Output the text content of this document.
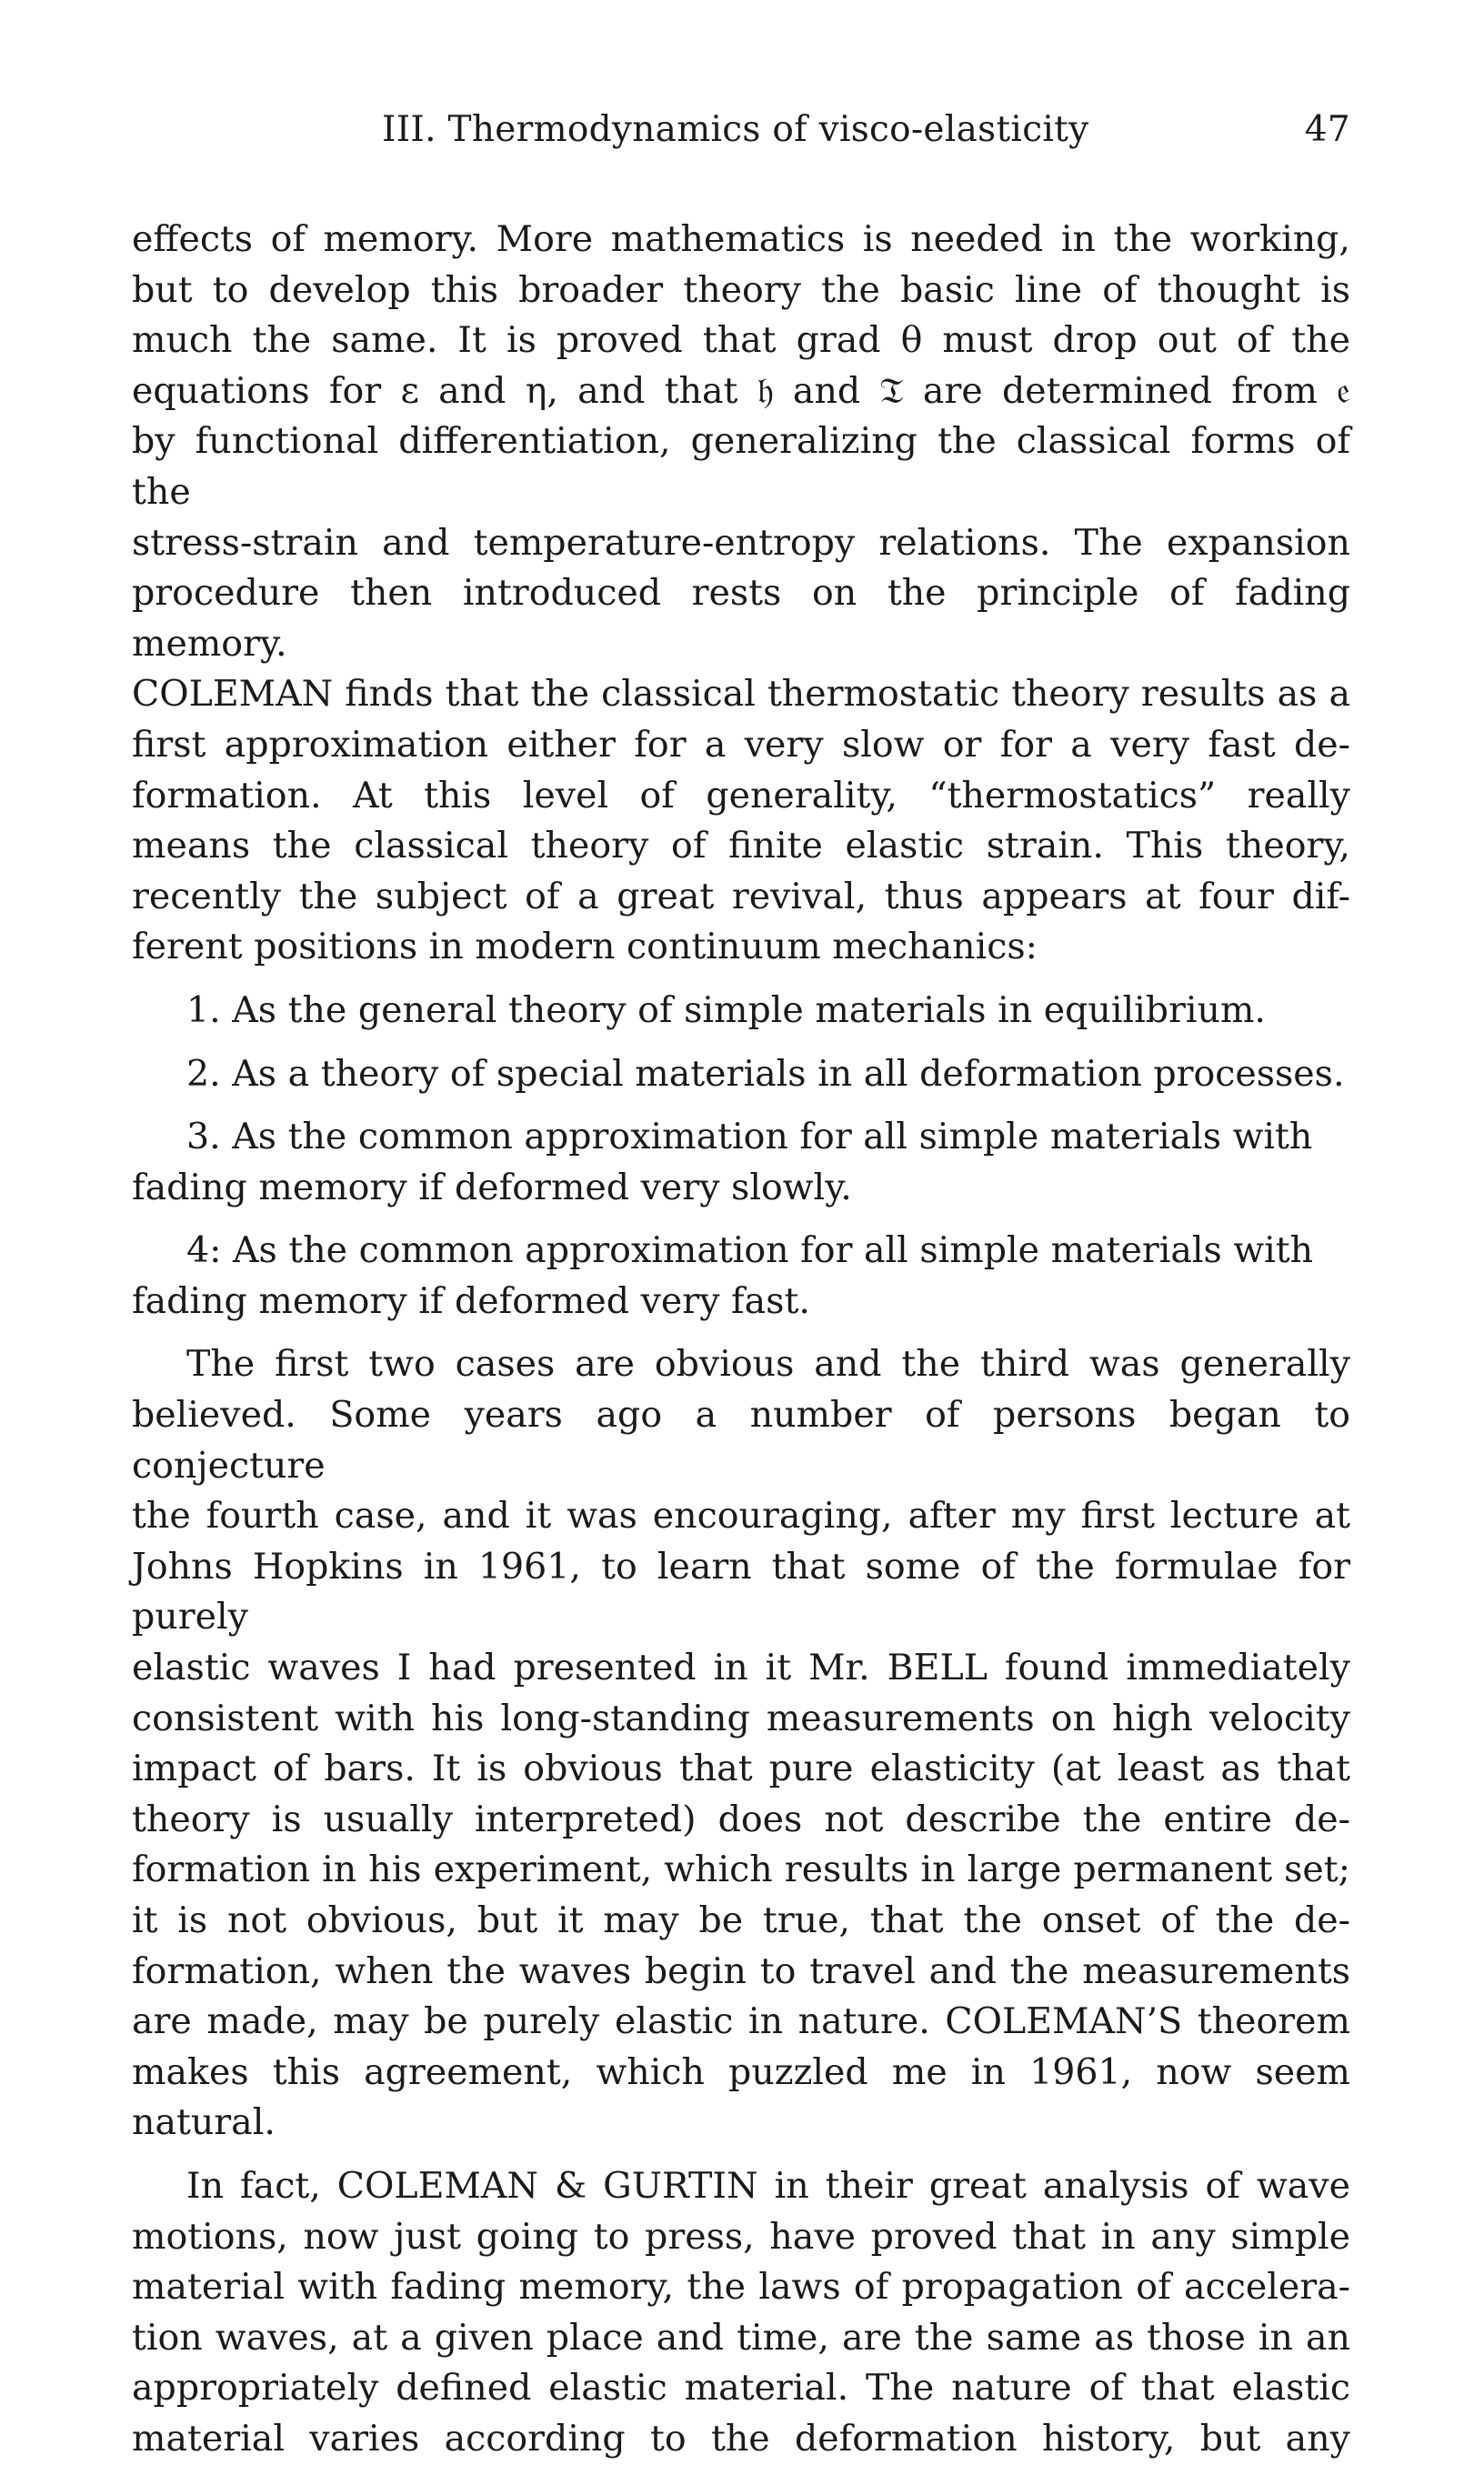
III. Thermodynamics of visco-elasticity	47

effects of memory. More mathematics is needed in the working,

but to develop this broader theory the basic line of thought is

much the same. It is proved that grad θ must drop out of the

equations for ε and η, and that 𝔥 and 𝔗 are determined from 𝔢

by functional differentiation, generalizing the classical forms of the

stress-strain and temperature-entropy relations. The expansion

procedure then introduced rests on the principle of fading memory.

COLEMAN finds that the classical thermostatic theory results as a

first approximation either for a very slow or for a very fast de-

formation. At this level of generality, “thermostatics” really

means the classical theory of finite elastic strain. This theory,

recently the subject of a great revival, thus appears at four dif-

ferent positions in modern continuum mechanics:

1. As the general theory of simple materials in equilibrium.

2. As a theory of special materials in all deformation processes.

3. As the common approximation for all simple materials with

fading memory if deformed very slowly.

4: As the common approximation for all simple materials with

fading memory if deformed very fast.

The first two cases are obvious and the third was generally

believed. Some years ago a number of persons began to conjecture

the fourth case, and it was encouraging, after my first lecture at

Johns Hopkins in 1961, to learn that some of the formulae for purely

elastic waves I had presented in it Mr. BELL found immediately

consistent with his long-standing measurements on high velocity

impact of bars. It is obvious that pure elasticity (at least as that

theory is usually interpreted) does not describe the entire de-

formation in his experiment, which results in large permanent set;

it is not obvious, but it may be true, that the onset of the de-

formation, when the waves begin to travel and the measurements

are made, may be purely elastic in nature. COLEMAN’S theorem

makes this agreement, which puzzled me in 1961, now seem natural.

In fact, COLEMAN & GURTIN in their great analysis of wave

motions, now just going to press, have proved that in any simple

material with fading memory, the laws of propagation of accelera-

tion waves, at a given place and time, are the same as those in an

appropriately defined elastic material. The nature of that elastic

material varies according to the deformation history, but any
